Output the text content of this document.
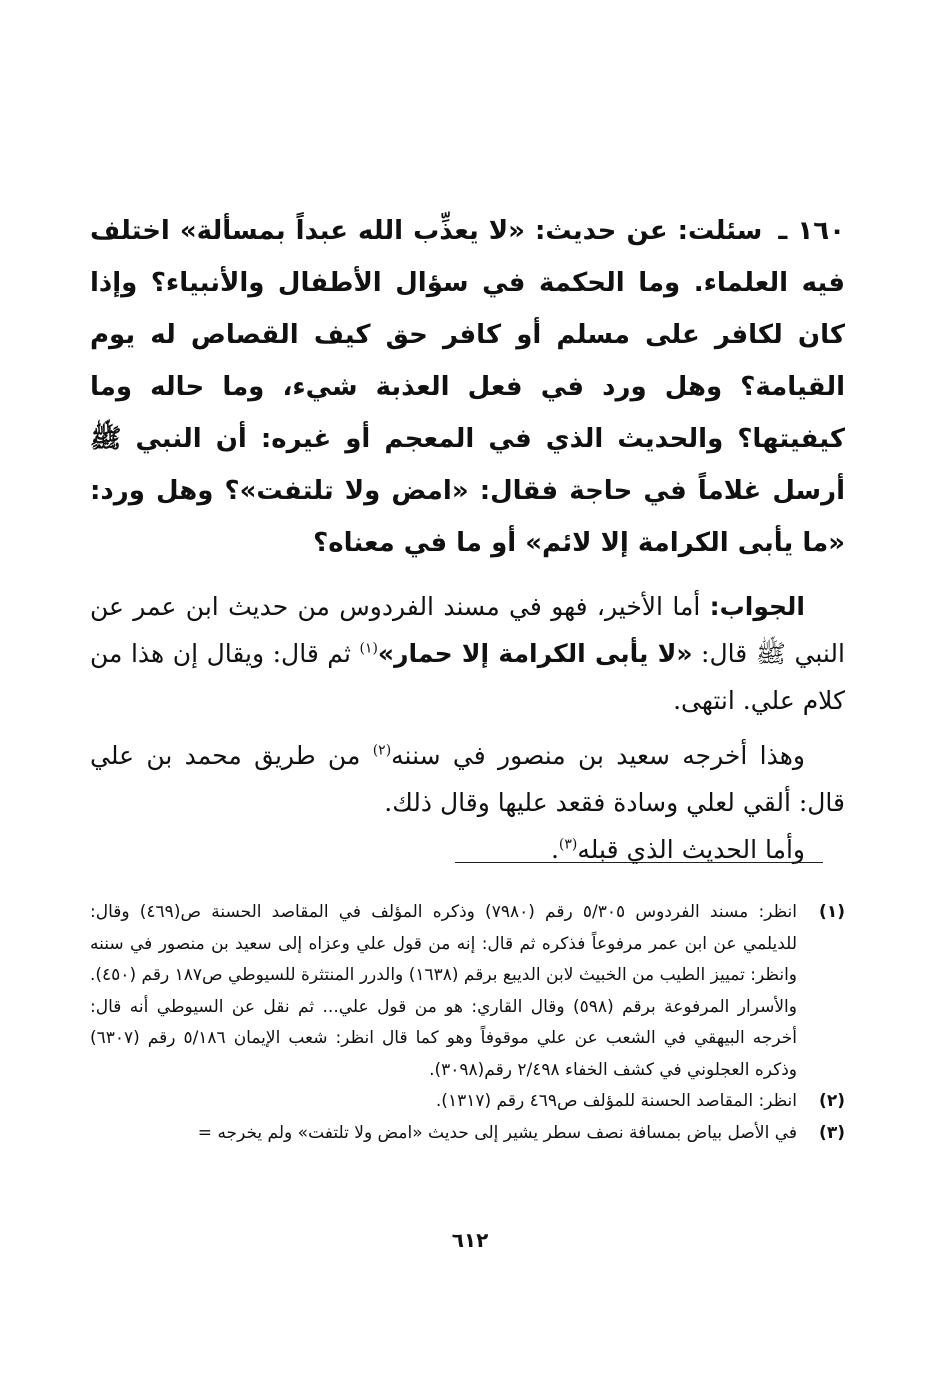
١٦٠ ـ سئلت: عن حديث: «لا يعذِّب الله عبداً بمسألة» اختلف فيه العلماء. وما الحكمة في سؤال الأطفال والأنبياء؟ وإذا كان لكافر على مسلم أو كافر حق كيف القصاص له يوم القيامة؟ وهل ورد في فعل العذبة شيء، وما حاله وما كيفيتها؟ والحديث الذي في المعجم أو غيره: أن النبي ﷺ أرسل غلاماً في حاجة فقال: «امض ولا تلتفت»؟ وهل ورد: «ما يأبى الكرامة إلا لائم» أو ما في معناه؟

الجواب: أما الأخير، فهو في مسند الفردوس من حديث ابن عمر عن النبي ﷺ قال: «لا يأبى الكرامة إلا حمار»$^{(١)}$ ثم قال: ويقال إن هذا من كلام علي. انتهى.

وهذا أخرجه سعيد بن منصور في سننه$^{(٢)}$ من طريق محمد بن علي قال: ألقي لعلي وسادة فقعد عليها وقال ذلك.

وأما الحديث الذي قبله$^{(٣)}$.

(١)
انظر: مسند الفردوس ٥/٣٠٥ رقم (٧٩٨٠) وذكره المؤلف في المقاصد الحسنة ص(٤٦٩) وقال: للديلمي عن ابن عمر مرفوعاً فذكره ثم قال: إنه من قول علي وعزاه إلى سعيد بن منصور في سننه وانظر: تمييز الطيب من الخبيث لابن الديبع برقم (١٦٣٨) والدرر المنتثرة للسيوطي ص١٨٧ رقم (٤٥٠). والأسرار المرفوعة برقم (٥٩٨) وقال القاري: هو من قول علي... ثم نقل عن السيوطي أنه قال: أخرجه البيهقي في الشعب عن علي موقوفاً وهو كما قال انظر: شعب الإيمان ٥/١٨٦ رقم (٦٣٠٧) وذكره العجلوني في كشف الخفاء ٢/٤٩٨ رقم(٣٠٩٨).
(٢)
انظر: المقاصد الحسنة للمؤلف ص٤٦٩ رقم (١٣١٧).
(٣)
في الأصل بياض بمسافة نصف سطر يشير إلى حديث «امض ولا تلتفت» ولم يخرجه =
٦١٢
